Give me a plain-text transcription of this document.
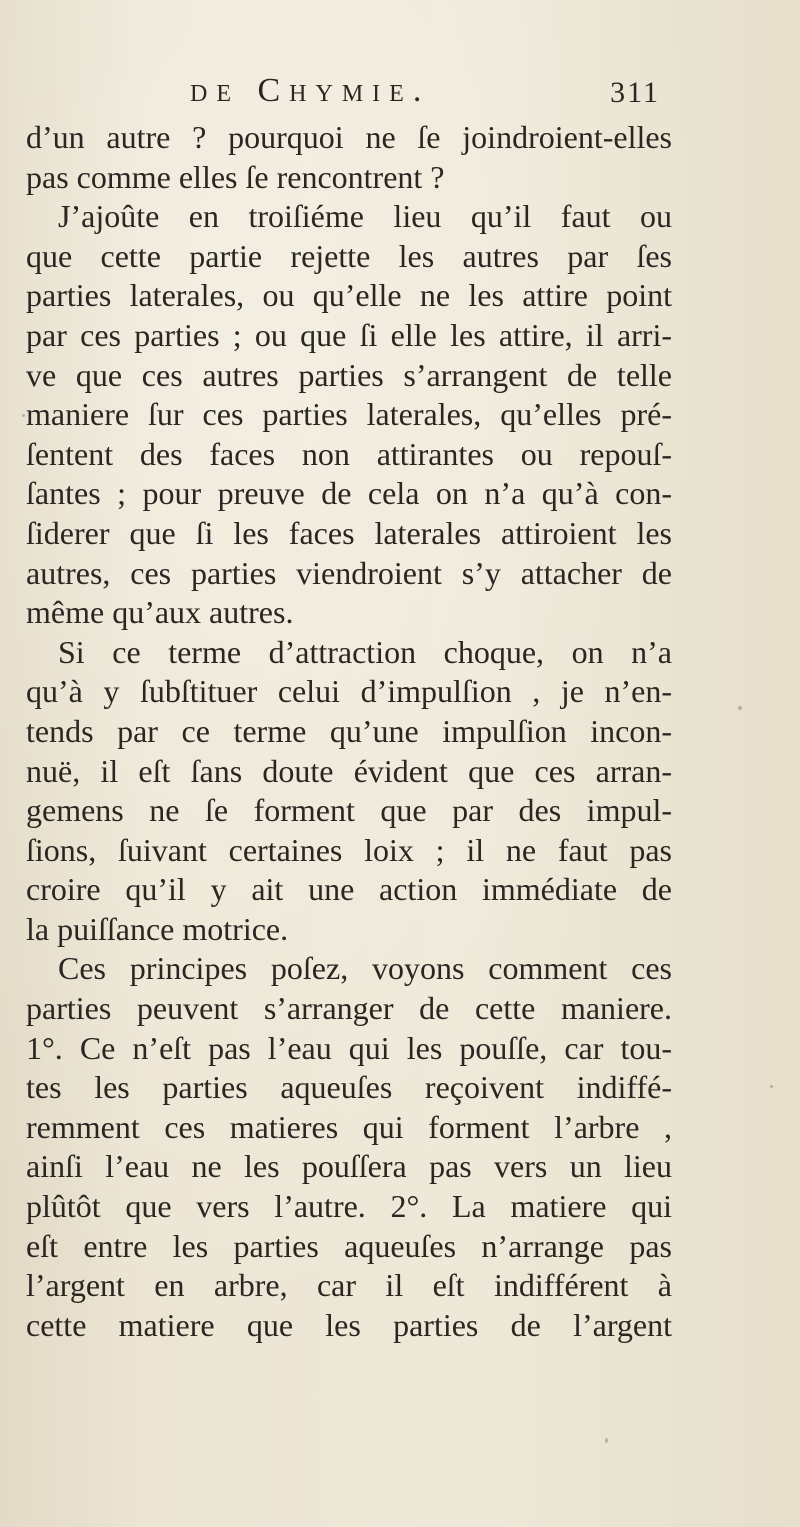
de Chymie.	311
d’un autre ? pourquoi ne ſe joindroient-elles
pas comme elles ſe rencontrent ?
J’ajoûte en troiſiéme lieu qu’il faut ou
que cette partie rejette les autres par ſes
parties laterales, ou qu’elle ne les attire point
par ces parties ; ou que ſi elle les attire, il arri-
ve que ces autres parties s’arrangent de telle
maniere ſur ces parties laterales, qu’elles pré-
ſentent des faces non attirantes ou repouſ-
ſantes ; pour preuve de cela on n’a qu’à con-
ſiderer que ſi les faces laterales attiroient les
autres, ces parties viendroient s’y attacher de
même qu’aux autres.
Si ce terme d’attraction choque, on n’a
qu’à y ſubſtituer celui d’impulſion , je n’en-
tends par ce terme qu’une impulſion incon-
nuë, il eſt ſans doute évident que ces arran-
gemens ne ſe forment que par des impul-
ſions, ſuivant certaines loix ; il ne faut pas
croire qu’il y ait une action immédiate de
la puiſſance motrice.
Ces principes poſez, voyons comment ces
parties peuvent s’arranger de cette maniere.
1°. Ce n’eſt pas l’eau qui les pouſſe, car tou-
tes les parties aqueuſes reçoivent indiffé-
remment ces matieres qui forment l’arbre ,
ainſi l’eau ne les pouſſera pas vers un lieu
plûtôt que vers l’autre. 2°. La matiere qui
eſt entre les parties aqueuſes n’arrange pas
l’argent en arbre, car il eſt indifférent à
cette matiere que les parties de l’argent
